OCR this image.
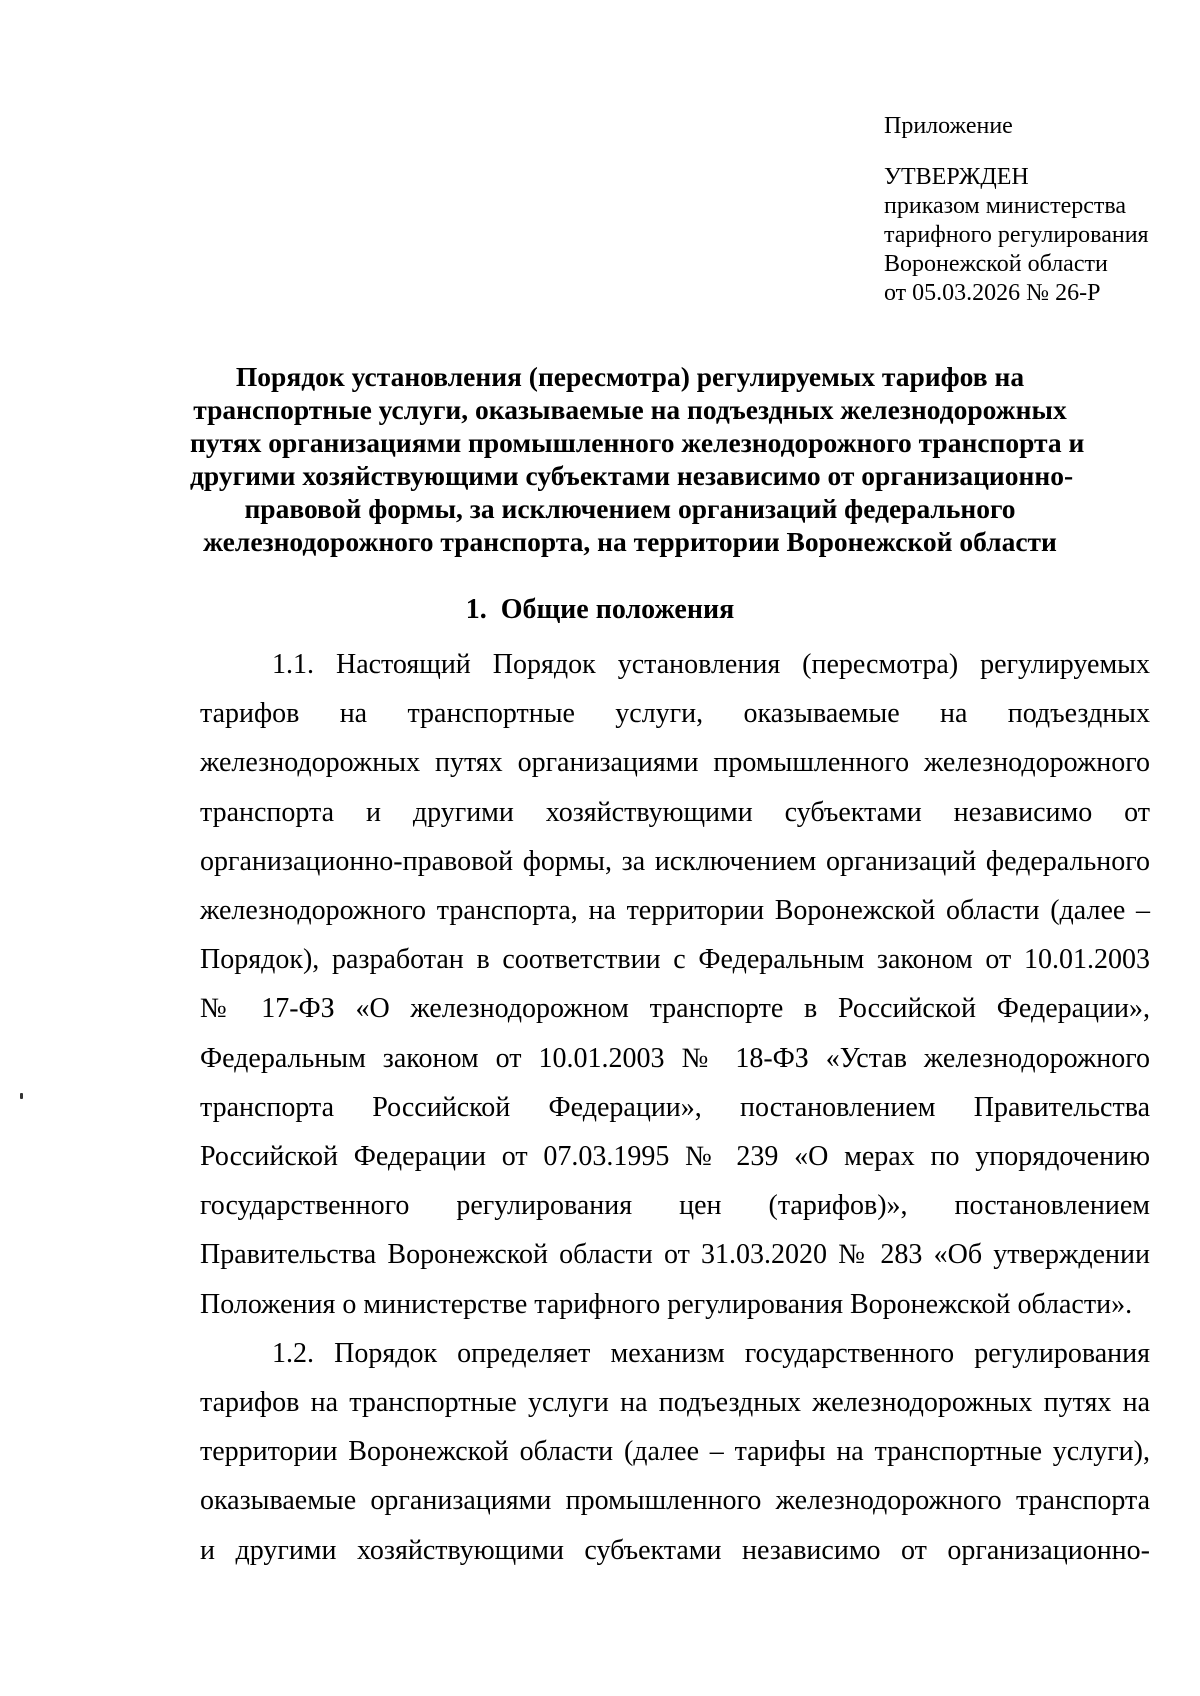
Приложение
УТВЕРЖДЕН
приказом министерства
тарифного регулирования
Воронежской области
от 05.03.2026 № 26-Р
Порядок установления (пересмотра) регулируемых тарифов на
транспортные услуги, оказываемые на подъездных железнодорожных
путях организациями промышленного железнодорожного транспорта и
другими хозяйствующими субъектами независимо от организационно-
правовой формы, за исключением организаций федерального
железнодорожного транспорта, на территории Воронежской области
1. Общие положения
1.1. Настоящий Порядок установления (пересмотра) регулируемых
тарифов на транспортные услуги, оказываемые на подъездных
железнодорожных путях организациями промышленного железнодорожного
транспорта и другими хозяйствующими субъектами независимо от
организационно-правовой формы, за исключением организаций федерального
железнодорожного транспорта, на территории Воронежской области (далее –
Порядок), разработан в соответствии с Федеральным законом от 10.01.2003
№ 17-ФЗ «О железнодорожном транспорте в Российской Федерации»,
Федеральным законом от 10.01.2003 № 18-ФЗ «Устав железнодорожного
транспорта Российской Федерации», постановлением Правительства
Российской Федерации от 07.03.1995 № 239 «О мерах по упорядочению
государственного регулирования цен (тарифов)», постановлением
Правительства Воронежской области от 31.03.2020 № 283 «Об утверждении
Положения о министерстве тарифного регулирования Воронежской области».
1.2. Порядок определяет механизм государственного регулирования
тарифов на транспортные услуги на подъездных железнодорожных путях на
территории Воронежской области (далее – тарифы на транспортные услуги),
оказываемые организациями промышленного железнодорожного транспорта
и другими хозяйствующими субъектами независимо от организационно-
